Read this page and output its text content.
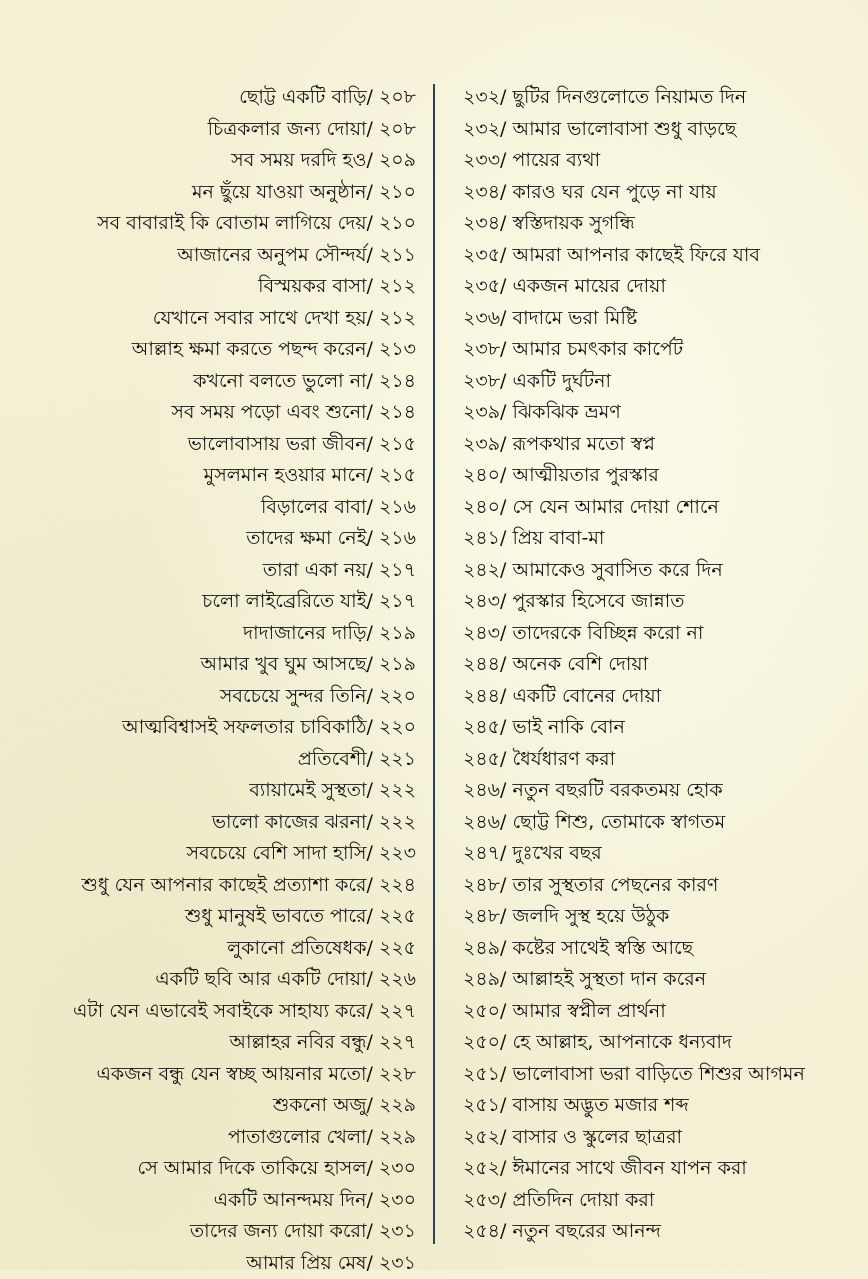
ছোট্ট একটি বাড়ি/ ২০৮
চিত্রকলার জন্য দোয়া/ ২০৮
সব সময় দরদি হও/ ২০৯
মন ছুঁয়ে যাওয়া অনুষ্ঠান/ ২১০
সব বাবারাই কি বোতাম লাগিয়ে দেয়/ ২১০
আজানের অনুপম সৌন্দর্য/ ২১১
বিস্ময়কর বাসা/ ২১২
যেখানে সবার সাথে দেখা হয়/ ২১২
আল্লাহ ক্ষমা করতে পছন্দ করেন/ ২১৩
কখনো বলতে ভুলো না/ ২১৪
সব সময় পড়ো এবং শুনো/ ২১৪
ভালোবাসায় ভরা জীবন/ ২১৫
মুসলমান হওয়ার মানে/ ২১৫
বিড়ালের বাবা/ ২১৬
তাদের ক্ষমা নেই/ ২১৬
তারা একা নয়/ ২১৭
চলো লাইব্রেরিতে যাই/ ২১৭
দাদাজানের দাড়ি/ ২১৯
আমার খুব ঘুম আসছে/ ২১৯
সবচেয়ে সুন্দর তিনি/ ২২০
আত্মবিশ্বাসই সফলতার চাবিকাঠি/ ২২০
প্রতিবেশী/ ২২১
ব্যায়ামেই সুস্থতা/ ২২২
ভালো কাজের ঝরনা/ ২২২
সবচেয়ে বেশি সাদা হাসি/ ২২৩
শুধু যেন আপনার কাছেই প্রত্যাশা করে/ ২২৪
শুধু মানুষই ভাবতে পারে/ ২২৫
লুকানো প্রতিষেধক/ ২২৫
একটি ছবি আর একটি দোয়া/ ২২৬
এটা যেন এভাবেই সবাইকে সাহায্য করে/ ২২৭
আল্লাহর নবির বন্ধু/ ২২৭
একজন বন্ধু যেন স্বচ্ছ আয়নার মতো/ ২২৮
শুকনো অজু/ ২২৯
পাতাগুলোর খেলা/ ২২৯
সে আমার দিকে তাকিয়ে হাসল/ ২৩০
একটি আনন্দময় দিন/ ২৩০
তাদের জন্য দোয়া করো/ ২৩১
আমার প্রিয় মেষ/ ২৩১
২৩২/ ছুটির দিনগুলোতে নিয়ামত দিন
২৩২/ আমার ভালোবাসা শুধু বাড়ছে
২৩৩/ পায়ের ব্যথা
২৩৪/ কারও ঘর যেন পুড়ে না যায়
২৩৪/ স্বস্তিদায়ক সুগন্ধি
২৩৫/ আমরা আপনার কাছেই ফিরে যাব
২৩৫/ একজন মায়ের দোয়া
২৩৬/ বাদামে ভরা মিষ্টি
২৩৮/ আমার চমৎকার কার্পেট
২৩৮/ একটি দুর্ঘটনা
২৩৯/ ঝিকঝিক ভ্রমণ
২৩৯/ রূপকথার মতো স্বপ্ন
২৪০/ আত্মীয়তার পুরস্কার
২৪০/ সে যেন আমার দোয়া শোনে
২৪১/ প্রিয় বাবা-মা
২৪২/ আমাকেও সুবাসিত করে দিন
২৪৩/ পুরস্কার হিসেবে জান্নাত
২৪৩/ তাদেরকে বিচ্ছিন্ন করো না
২৪৪/ অনেক বেশি দোয়া
২৪৪/ একটি বোনের দোয়া
২৪৫/ ভাই নাকি বোন
২৪৫/ ধৈর্যধারণ করা
২৪৬/ নতুন বছরটি বরকতময় হোক
২৪৬/ ছোট্ট শিশু, তোমাকে স্বাগতম
২৪৭/ দুঃখের বছর
২৪৮/ তার সুস্থতার পেছনের কারণ
২৪৮/ জলদি সুস্থ হয়ে উঠুক
২৪৯/ কষ্টের সাথেই স্বস্তি আছে
২৪৯/ আল্লাহই সুস্থতা দান করেন
২৫০/ আমার স্বপ্নীল প্রার্থনা
২৫০/ হে আল্লাহ, আপনাকে ধন্যবাদ
২৫১/ ভালোবাসা ভরা বাড়িতে শিশুর আগমন
২৫১/ বাসায় অদ্ভুত মজার শব্দ
২৫২/ বাসার ও স্কুলের ছাত্ররা
২৫২/ ঈমানের সাথে জীবন যাপন করা
২৫৩/ প্রতিদিন দোয়া করা
২৫৪/ নতুন বছরের আনন্দ
